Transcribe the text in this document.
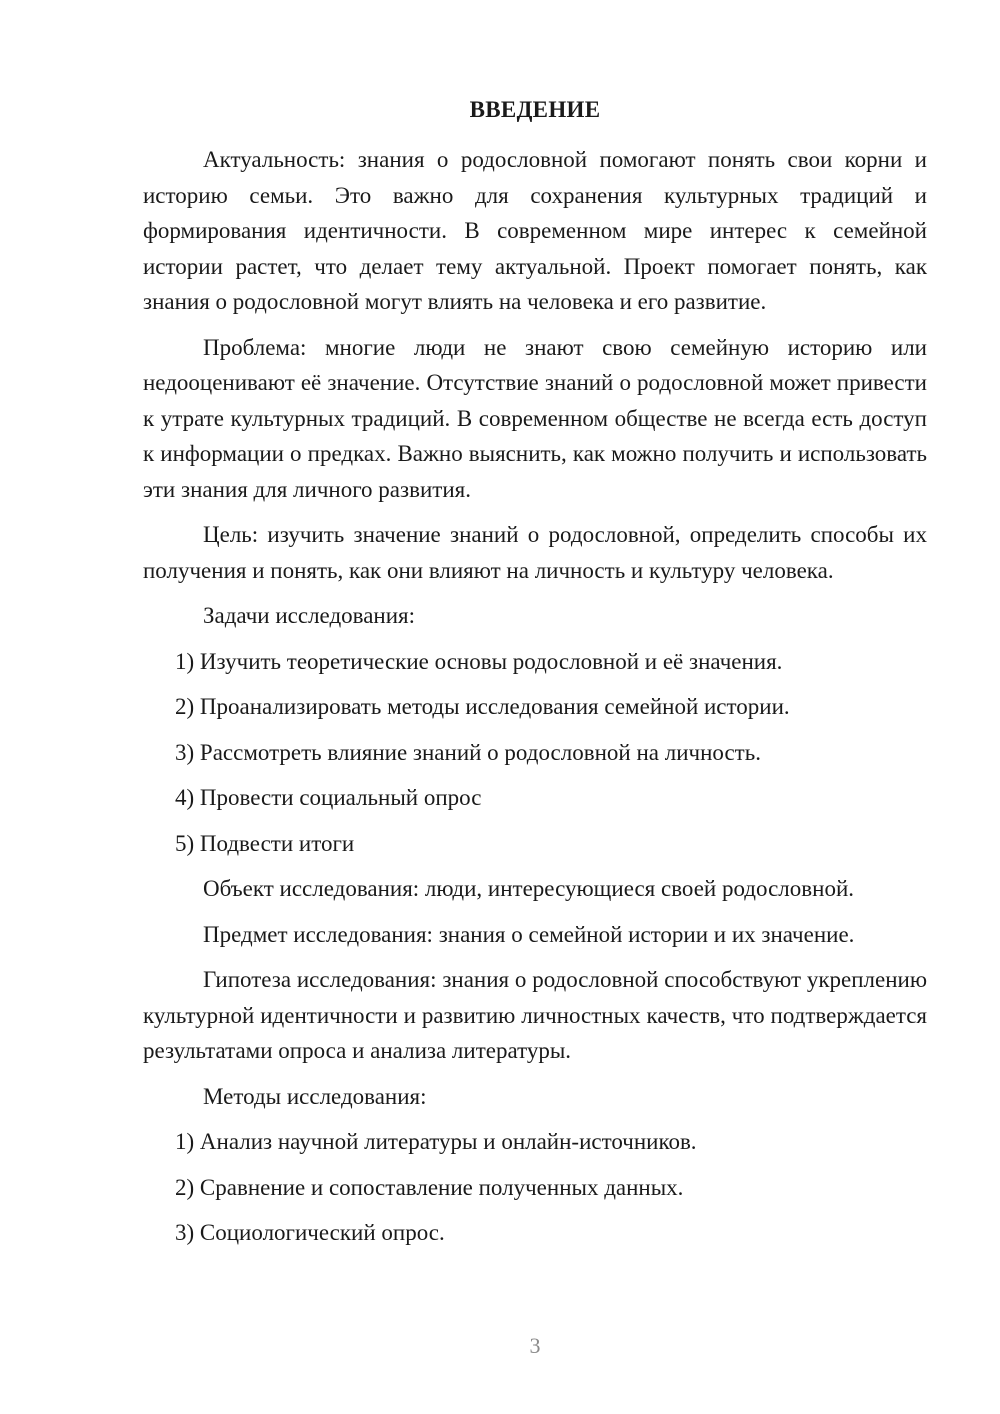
ВВЕДЕНИЕ

Актуальность: знания о родословной помогают понять свои корни и историю семьи. Это важно для сохранения культурных традиций и формирования идентичности. В современном мире интерес к семейной истории растет, что делает тему актуальной. Проект помогает понять, как знания о родословной могут влиять на человека и его развитие.

Проблема: многие люди не знают свою семейную историю или недооценивают её значение. Отсутствие знаний о родословной может привести к утрате культурных традиций. В современном обществе не всегда есть доступ к информации о предках. Важно выяснить, как можно получить и использовать эти знания для личного развития.

Цель: изучить значение знаний о родословной, определить способы их получения и понять, как они влияют на личность и культуру человека.

Задачи исследования:

1) Изучить теоретические основы родословной и её значения.

2) Проанализировать методы исследования семейной истории.

3) Рассмотреть влияние знаний о родословной на личность.

4) Провести социальный опрос

5) Подвести итоги

Объект исследования: люди, интересующиеся своей родословной.

Предмет исследования: знания о семейной истории и их значение.

Гипотеза исследования: знания о родословной способствуют укреплению культурной идентичности и развитию личностных качеств, что подтверждается результатами опроса и анализа литературы.

Методы исследования:

1) Анализ научной литературы и онлайн-источников.

2) Сравнение и сопоставление полученных данных.

3) Социологический опрос.

3
